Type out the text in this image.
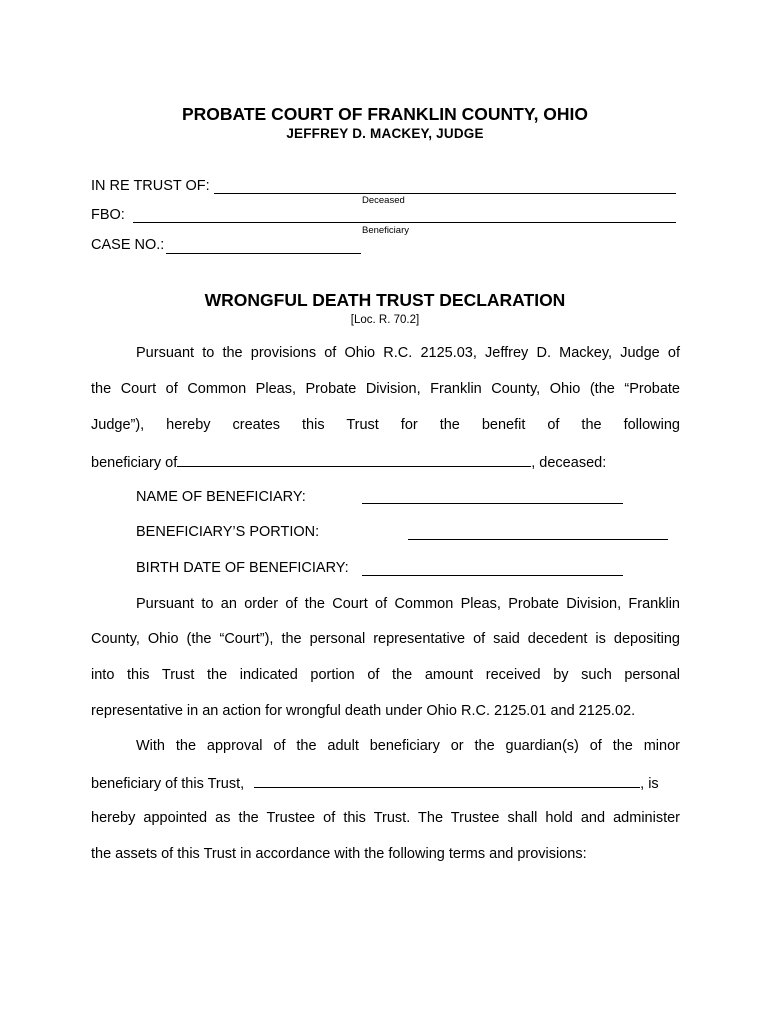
PROBATE COURT OF FRANKLIN COUNTY, OHIO
JEFFREY D. MACKEY, JUDGE
IN RE TRUST OF:
Deceased
FBO:
Beneficiary
CASE NO.:
WRONGFUL DEATH TRUST DECLARATION
[Loc. R. 70.2]
Pursuant to the provisions of Ohio R.C. 2125.03, Jeffrey D. Mackey, Judge of
the Court of Common Pleas, Probate Division, Franklin County, Ohio (the “Probate
Judge”), hereby creates this Trust for the benefit of the following
beneficiary of	, deceased:
NAME OF BENEFICIARY:
BENEFICIARY’S PORTION:
BIRTH DATE OF BENEFICIARY:
Pursuant to an order of the Court of Common Pleas, Probate Division, Franklin
County, Ohio (the “Court”), the personal representative of said decedent is depositing
into this Trust the indicated portion of the amount received by such personal
representative in an action for wrongful death under Ohio R.C. 2125.01 and 2125.02.
With the approval of the adult beneficiary or the guardian(s) of the minor
beneficiary of this Trust,	, is
hereby appointed as the Trustee of this Trust. The Trustee shall hold and administer
the assets of this Trust in accordance with the following terms and provisions:
